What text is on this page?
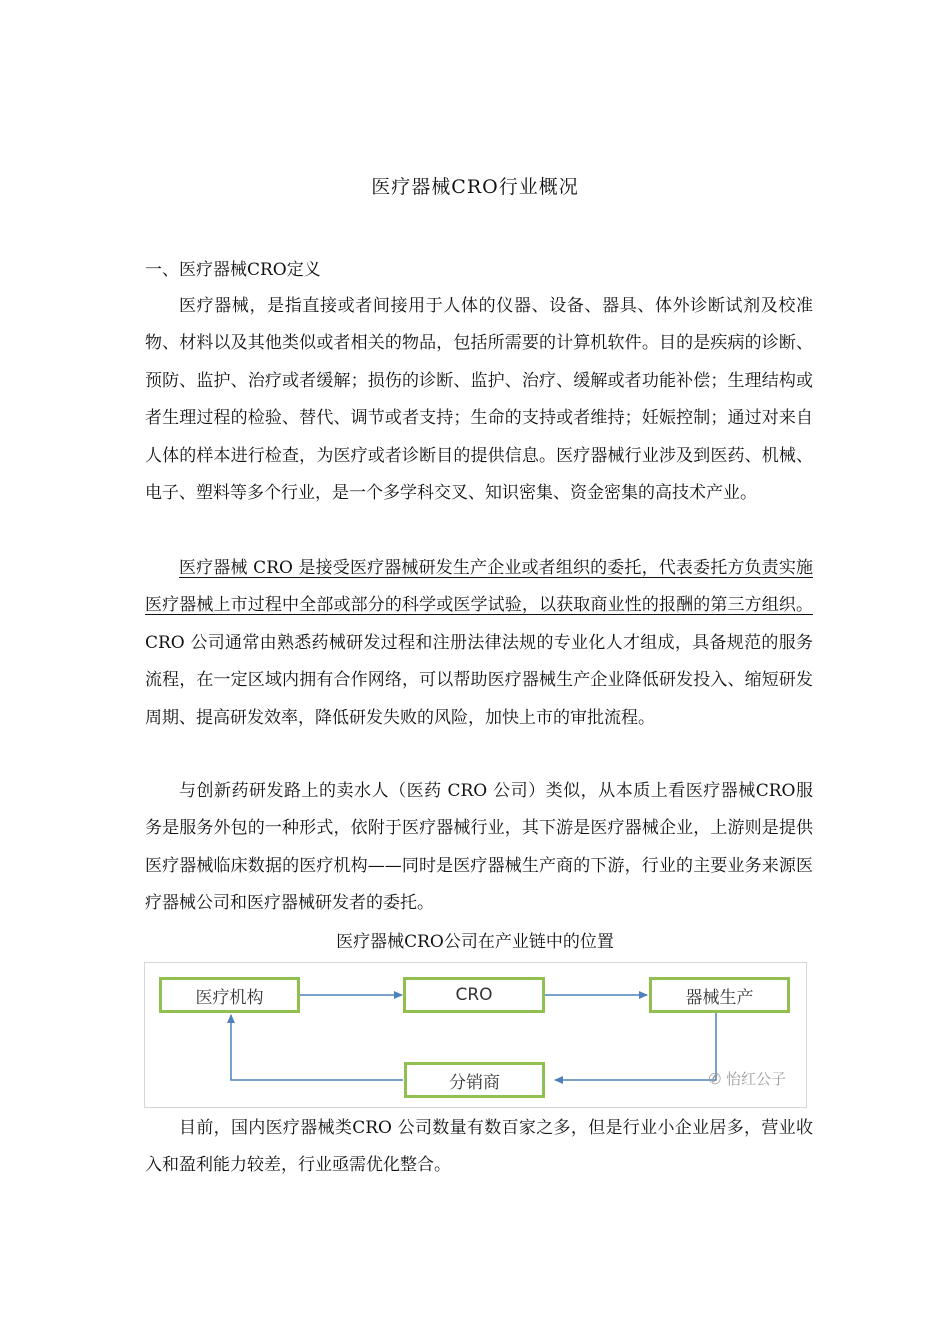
医疗器械CRO行业概况
一、医疗器械CRO定义

医疗器械，是指直接或者间接用于人体的仪器、设备、器具、体外诊断试剂及校准物、材料以及其他类似或者相关的物品，包括所需要的计算机软件。目的是疾病的诊断、预防、监护、治疗或者缓解；损伤的诊断、监护、治疗、缓解或者功能补偿；生理结构或者生理过程的检验、替代、调节或者支持；生命的支持或者维持；妊娠控制；通过对来自人体的样本进行检查，为医疗或者诊断目的提供信息。医疗器械行业涉及到医药、机械、电子、塑料等多个行业，是一个多学科交叉、知识密集、资金密集的高技术产业。

医疗器械 CRO 是接受医疗器械研发生产企业或者组织的委托，代表委托方负责实施医疗器械上市过程中全部或部分的科学或医学试验，以获取商业性的报酬的第三方组织。CRO 公司通常由熟悉药械研发过程和注册法律法规的专业化人才组成，具备规范的服务流程，在一定区域内拥有合作网络，可以帮助医疗器械生产企业降低研发投入、缩短研发周期、提高研发效率，降低研发失败的风险，加快上市的审批流程。

与创新药研发路上的卖水人（医药 CRO 公司）类似，从本质上看医疗器械CRO服务是服务外包的一种形式，依附于医疗器械行业，其下游是医疗器械企业，上游则是提供医疗器械临床数据的医疗机构——同时是医疗器械生产商的下游，行业的主要业务来源医疗器械公司和医疗器械研发者的委托。

医疗器械CRO公司在产业链中的位置
医疗机构	CRO	器械生产
分销商	✆ 怡红公子

目前，国内医疗器械类CRO 公司数量有数百家之多，但是行业小企业居多，营业收入和盈利能力较差，行业亟需优化整合。
